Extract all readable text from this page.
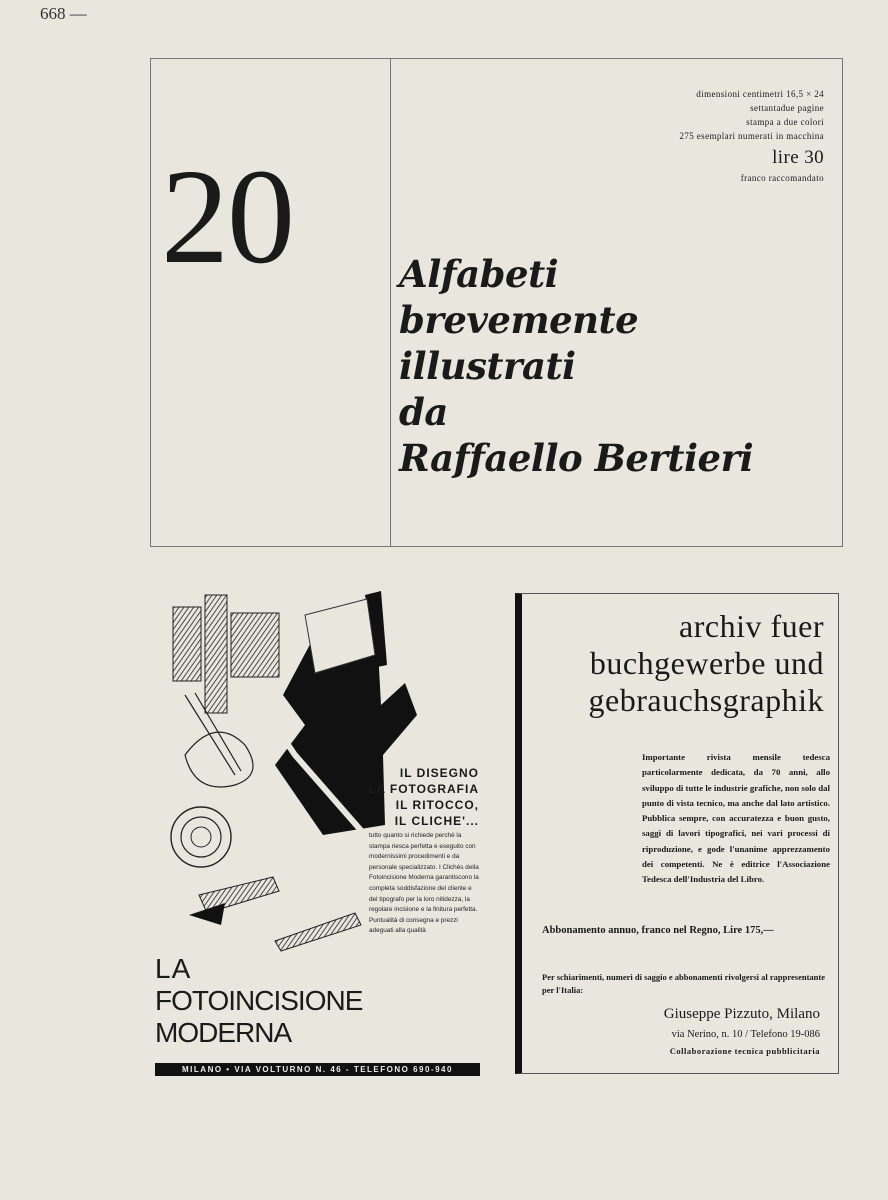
668 —
dimensioni centimetri 16,5 × 24
settantadue pagine
stampa a due colori
275 esemplari numerati in macchina
lire 30
franco raccomandato
20	Alfabeti
brevemente
illustrati
da
Raffaello Bertieri
IL DISEGNO
LA FOTOGRAFIA
IL RITOCCO,
IL CLICHE'...
tutto quanto si richiede perchè la stampa riesca perfetta e eseguito con modernissimi procedimenti e da personale specializzato. I Clichès della Fotoincisione Moderna garantiscono la completa soddisfazione del cliente e del tipografo per la loro nitidezza, la regolare incisione e la finitura perfetta. Puntualità di consegna e prezzi adeguati alla qualità
LA
FOTOINCISIONE MODERNA
MILANO • VIA VOLTURNO N. 46 - TELEFONO 690-940
archiv fuer
buchgewerbe und
gebrauchsgraphik
Importante rivista mensile tedesca particolarmente dedicata, da 70 anni, allo sviluppo di tutte le industrie grafiche, non solo dal punto di vista tecnico, ma anche dal lato artistico. Pubblica sempre, con accuratezza e buon gusto, saggi di lavori tipografici, nei vari processi di riproduzione, e gode l'unanime apprezzamento dei competenti. Ne è editrice l'Associazione Tedesca dell'Industria del Libro.
Abbonamento annuo, franco nel Regno, Lire 175,—
Per schiarimenti, numeri di saggio e abbonamenti rivolgersi al rappresentante per l'Italia:
Giuseppe Pizzuto, Milano
via Nerino, n. 10 / Telefono 19-086
Collaborazione tecnica pubblicitaria
